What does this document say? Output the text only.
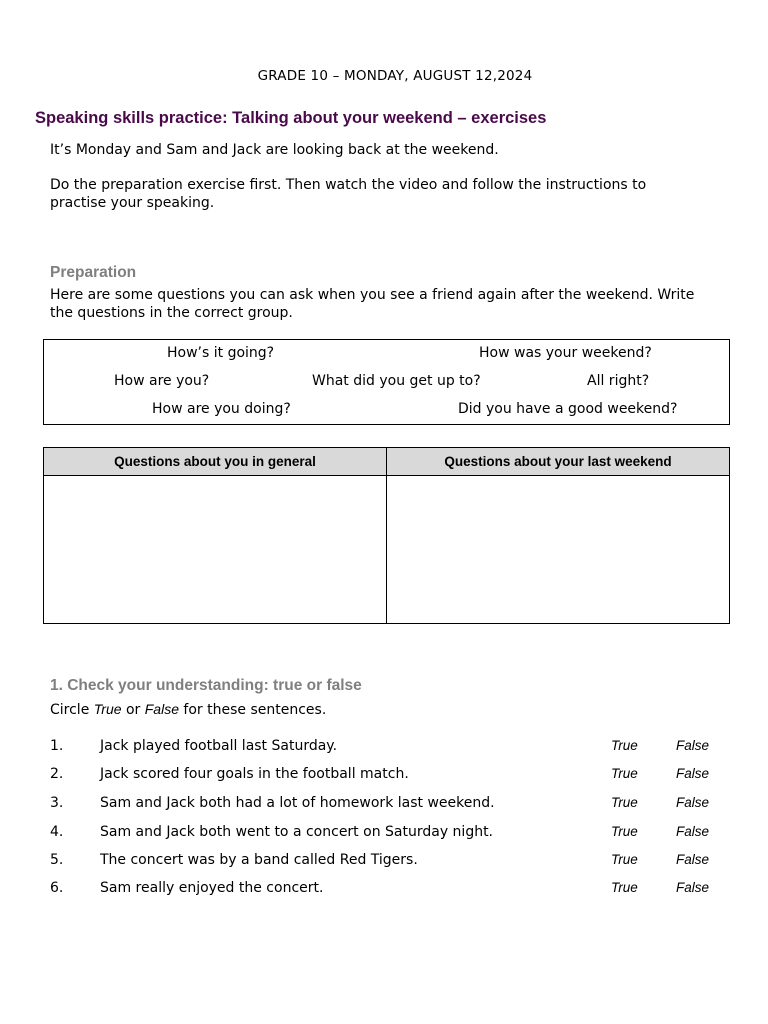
GRADE 10 – MONDAY, AUGUST 12,2024
Speaking skills practice: Talking about your weekend – exercises
It’s Monday and Sam and Jack are looking back at the weekend.
Do the preparation exercise first. Then watch the video and follow the instructions to
practise your speaking.
Preparation
Here are some questions you can ask when you see a friend again after the weekend. Write
the questions in the correct group.
How’s it going?	How was your weekend?
How are you?	What did you get up to?	All right?
How are you doing?	Did you have a good weekend?
Questions about you in general	Questions about your last weekend

1. Check your understanding: true or false
Circle True or False for these sentences.
1.	Jack played football last Saturday.	True	False
2.	Jack scored four goals in the football match.	True	False
3.	Sam and Jack both had a lot of homework last weekend.	True	False
4.	Sam and Jack both went to a concert on Saturday night.	True	False
5.	The concert was by a band called Red Tigers.	True	False
6.	Sam really enjoyed the concert.	True	False
